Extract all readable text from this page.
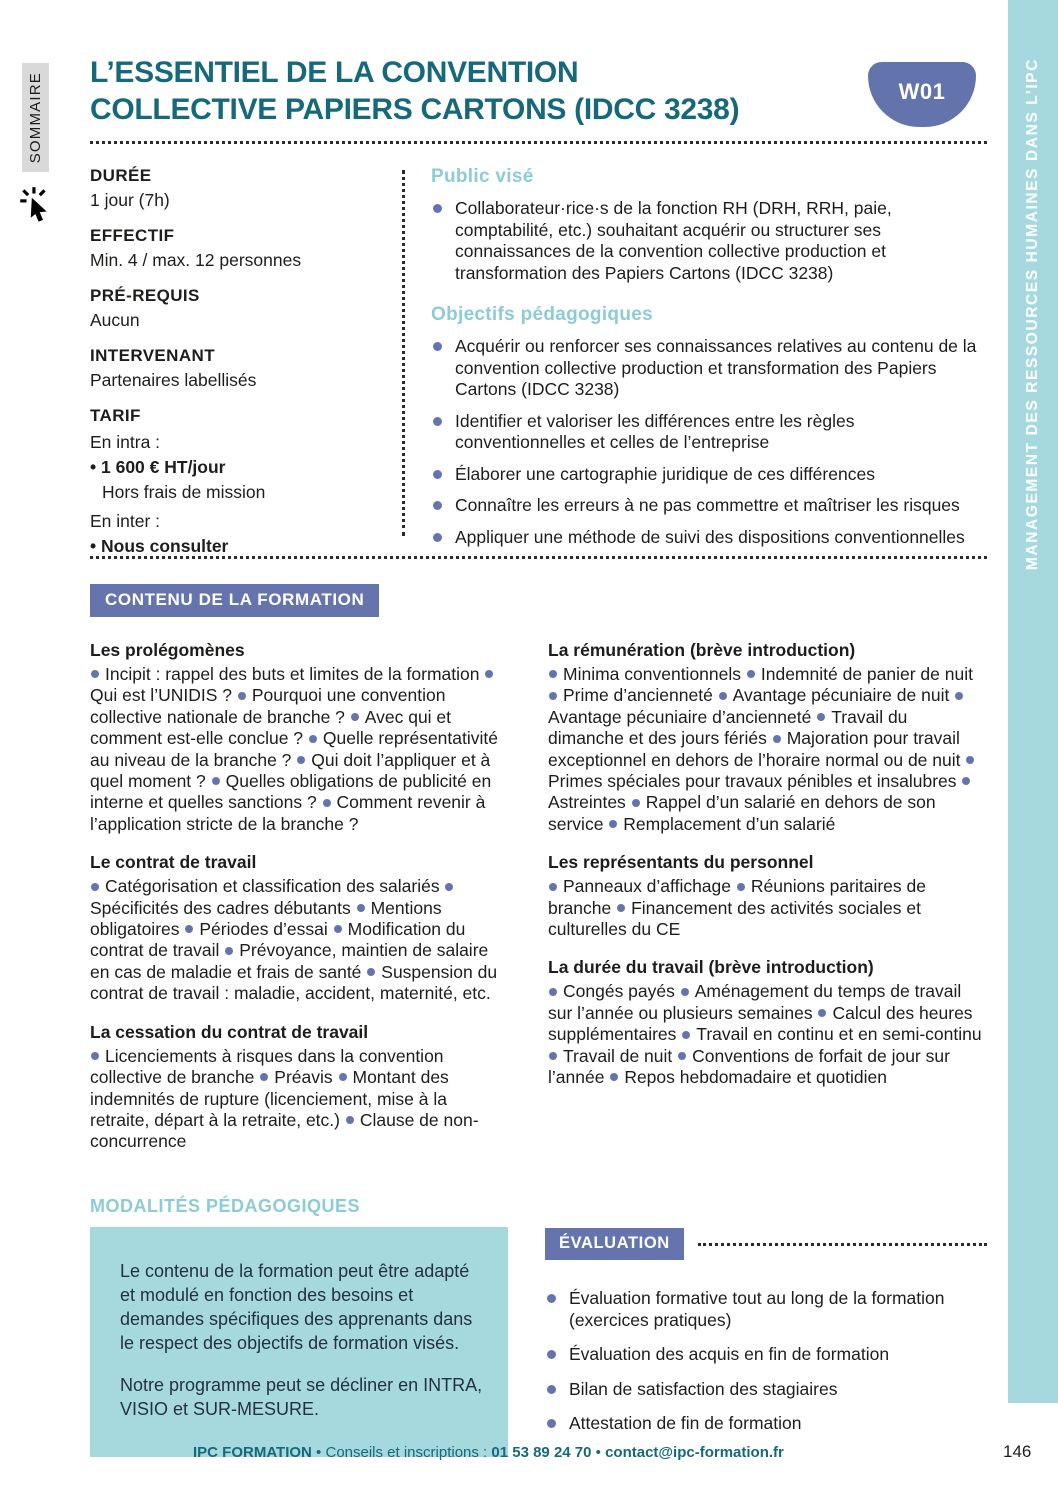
MANAGEMENT DES RESSOURCES HUMAINES DANS L’IPC
SOMMAIRE L’ESSENTIEL DE LA CONVENTION
COLLECTIVE PAPIERS CARTONS (IDCC 3238)
W01
DURÉE
1 jour (7h)
EFFECTIF
Min. 4 / max. 12 personnes
PRÉ-REQUIS
Aucun
INTERVENANT
Partenaires labellisés
TARIF
En intra :
• 1 600 € HT/jour
Hors frais de mission
En inter :
• Nous consulter
Public visé
Collaborateur·rice·s de la fonction RH (DRH, RRH, paie, comptabilité, etc.) souhaitant acquérir ou structurer ses connaissances de la convention collective production et transformation des Papiers Cartons (IDCC 3238)
Objectifs pédagogiques
Acquérir ou renforcer ses connaissances relatives au contenu de la convention collective production et transformation des Papiers Cartons (IDCC 3238)
Identifier et valoriser les différences entre les règles conventionnelles et celles de l’entreprise
Élaborer une cartographie juridique de ces différences
Connaître les erreurs à ne pas commettre et maîtriser les risques
Appliquer une méthode de suivi des dispositions conventionnelles
CONTENU DE LA FORMATION
Les prolégomènes
Incipit : rappel des buts et limites de la formation Qui est l’UNIDIS ? Pourquoi une convention collective nationale de branche ? Avec qui et comment est-elle conclue ? Quelle représentativité au niveau de la branche ? Qui doit l’appliquer et à quel moment ? Quelles obligations de publicité en interne et quelles sanctions ? Comment revenir à l’application stricte de la branche ?
Le contrat de travail
Catégorisation et classification des salariés Spécificités des cadres débutants Mentions obligatoires Périodes d’essai Modification du contrat de travail Prévoyance, maintien de salaire en cas de maladie et frais de santé Suspension du contrat de travail : maladie, accident, maternité, etc.
La cessation du contrat de travail
Licenciements à risques dans la convention collective de branche Préavis Montant des indemnités de rupture (licenciement, mise à la retraite, départ à la retraite, etc.) Clause de non-concurrence
La rémunération (brève introduction)
Minima conventionnels Indemnité de panier de nuit Prime d’ancienneté Avantage pécuniaire de nuit Avantage pécuniaire d’ancienneté Travail du dimanche et des jours fériés Majoration pour travail exceptionnel en dehors de l’horaire normal ou de nuit Primes spéciales pour travaux pénibles et insalubres Astreintes Rappel d’un salarié en dehors de son service Remplacement d’un salarié
Les représentants du personnel
Panneaux d’affichage Réunions paritaires de branche Financement des activités sociales et culturelles du CE
La durée du travail (brève introduction)
Congés payés Aménagement du temps de travail sur l’année ou plusieurs semaines Calcul des heures supplémentaires Travail en continu et en semi-continu Travail de nuit Conventions de forfait de jour sur l’année Repos hebdomadaire et quotidien
MODALITÉS PÉDAGOGIQUES
Le contenu de la formation peut être adapté et modulé en fonction des besoins et demandes spécifiques des apprenants dans le respect des objectifs de formation visés.
Notre programme peut se décliner en INTRA, VISIO et SUR-MESURE.
ÉVALUATION
Évaluation formative tout au long de la formation (exercices pratiques)
Évaluation des acquis en fin de formation
Bilan de satisfaction des stagiaires
Attestation de fin de formation
IPC FORMATION • Conseils et inscriptions : 01 53 89 24 70 • contact@ipc-formation.fr	146
